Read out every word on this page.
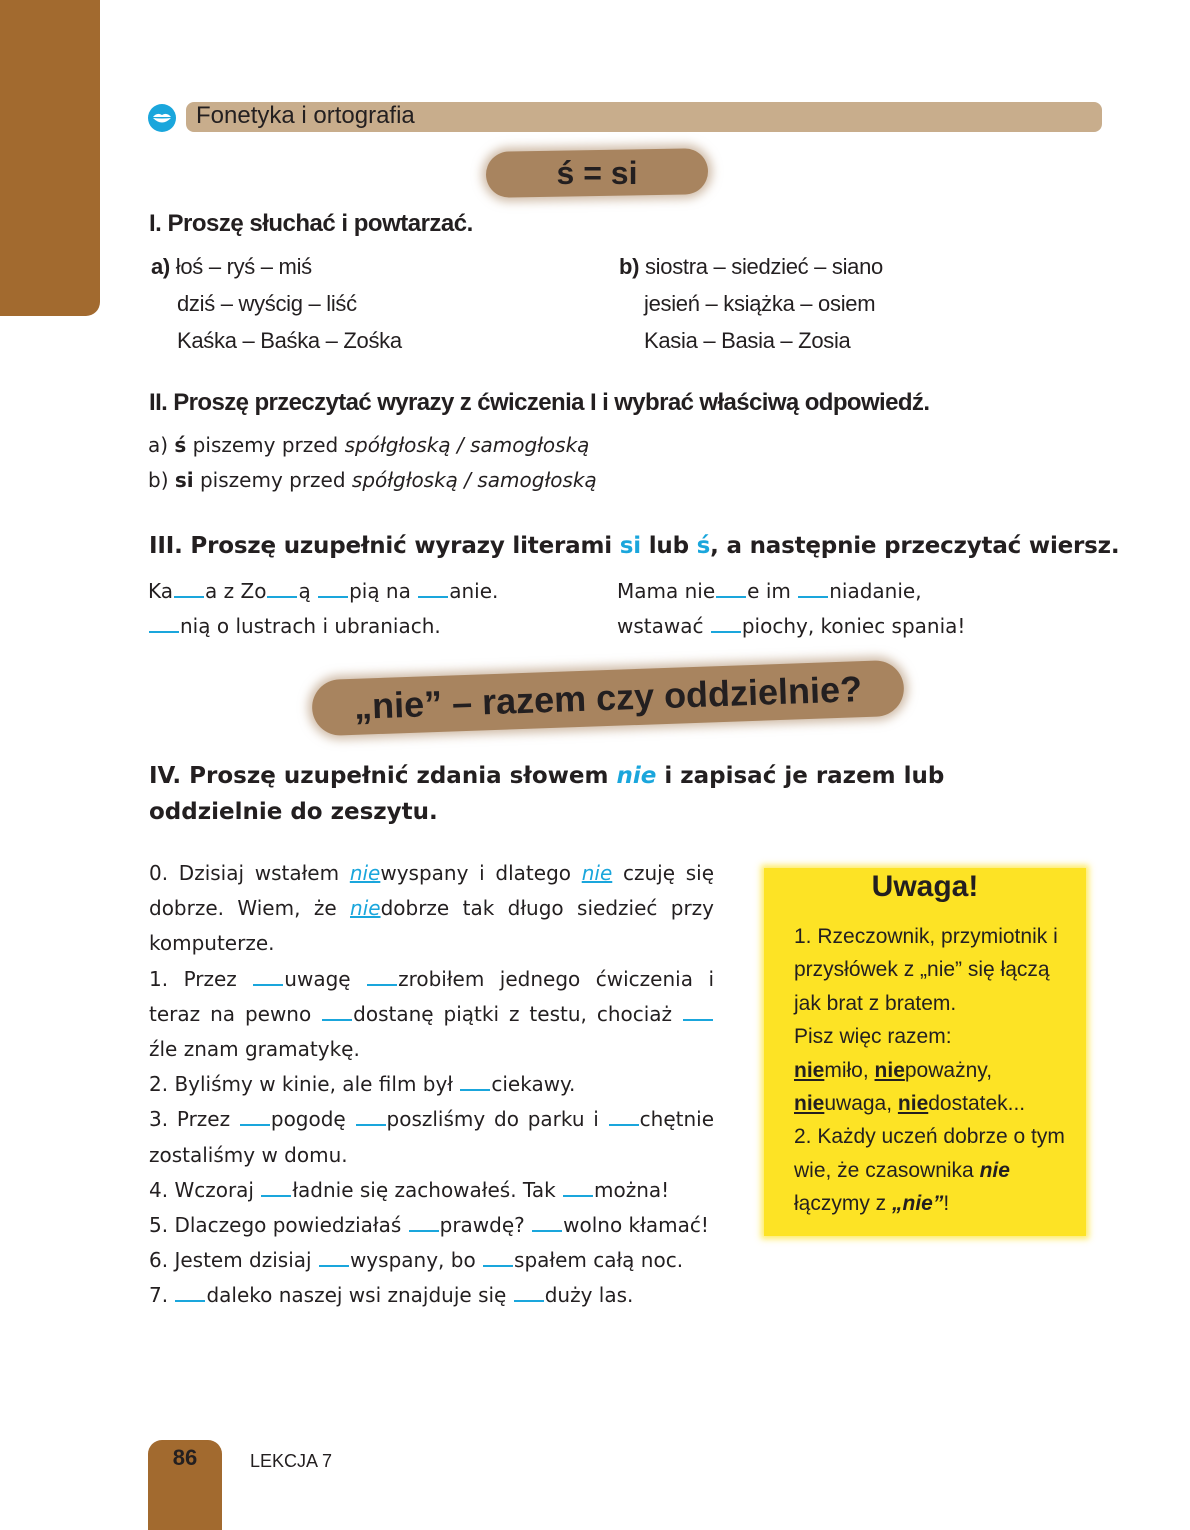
Fonetyka i ortografia
ś = si
I. Proszę słuchać i powtarzać.
a) łoś – ryś – miś
dziś – wyścig – liść
Kaśka – Baśka – Zośka
b) siostra – siedzieć – siano
jesień – książka – osiem
Kasia – Basia – Zosia
II. Proszę przeczytać wyrazy z ćwiczenia I i wybrać właściwą odpowiedź.
a) ś piszemy przed spółgłoską / samogłoską
b) si piszemy przed spółgłoską / samogłoską
III. Proszę uzupełnić wyrazy literami si lub ś, a następnie przeczytać wiersz.
Ka a z Zo ą pią na anie.
nią o lustrach i ubraniach.
Mama nie e im niadanie,
wstawać piochy, koniec spania!
„nie” – razem czy oddzielnie?
IV. Proszę uzupełnić zdania słowem nie i zapisać je razem lub oddzielnie do zeszytu.

0. Dzisiaj wstałem niewyspany i dlatego nie czuję się dobrze. Wiem, że niedobrze tak długo siedzieć przy komputerze.

1. Przez uwagę zrobiłem jednego ćwiczenia i teraz na pewno dostanę piątki z testu, chociaż  źle znam gramatykę.

2. Byliśmy w kinie, ale film był ciekawy.

3. Przez pogodę poszliśmy do parku i chętnie zostaliśmy w domu.

4. Wczoraj ładnie się zachowałeś. Tak można!

5. Dlaczego powiedziałaś prawdę? wolno kłamać!

6. Jestem dzisiaj wyspany, bo spałem całą noc.

7. daleko naszej wsi znajduje się duży las.

Uwaga!

1. Rzeczownik, przymiotnik i przysłówek z „nie” się łączą jak brat z bratem.

Pisz więc razem:

niemiło, niepoważny, nieuwaga, niedostatek...

2. Każdy uczeń dobrze o tym wie, że czasownika nie łączymy z „nie”!

86	LEKCJA 7
